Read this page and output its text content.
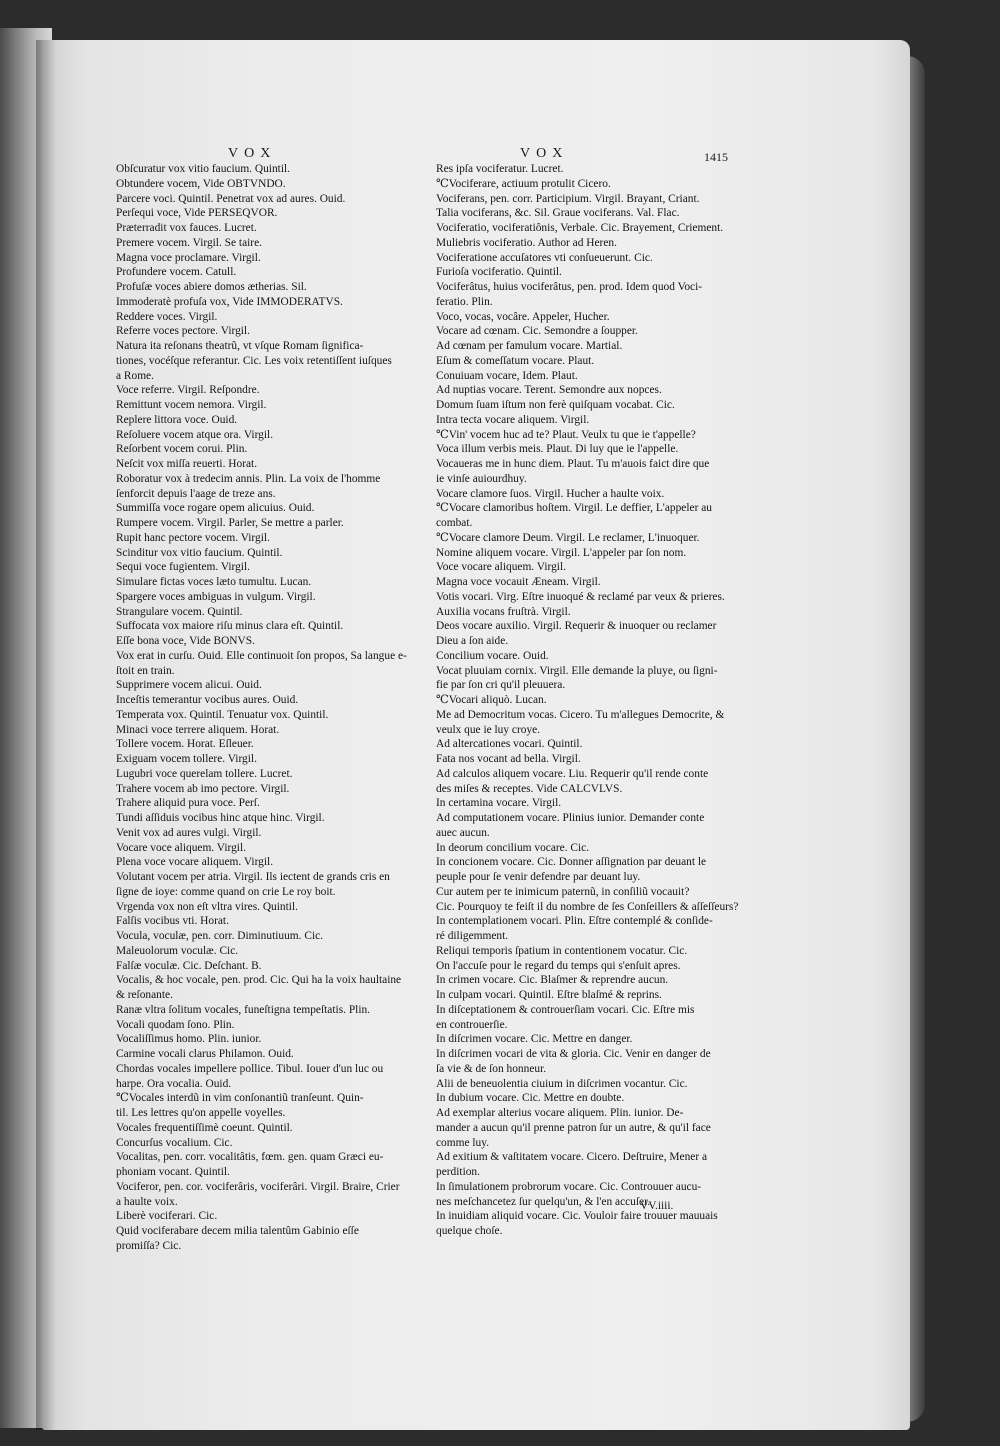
VOX	VOX	1415
Obſcuratur vox vitio faucium. Quintil.
Obtundere vocem, Vide OBTVNDO.
Parcere voci. Quintil. Penetrat vox ad aures. Ouid.
Perſequi voce, Vide PERSEQVOR.
Præterradit vox fauces. Lucret.
Premere vocem. Virgil. Se taire.
Magna voce proclamare. Virgil.
Profundere vocem. Catull.
Profuſæ voces abiere domos ætherias. Sil.
Immoderatè profuſa vox, Vide IMMODERATVS.
Reddere voces. Virgil.
Referre voces pectore. Virgil.
Natura ita reſonans theatrũ, vt vſque Romam ſignifica-
tiones, vocéſque referantur. Cic. Les voix retentiſſent iuſques
a Rome.
Voce referre. Virgil. Reſpondre.
Remittunt vocem nemora. Virgil.
Replere littora voce. Ouid.
Reſoluere vocem atque ora. Virgil.
Reſorbent vocem corui. Plin.
Neſcit vox miſſa reuerti. Horat.
Roboratur vox à tredecim annis. Plin. La voix de l'homme
ſenforcit depuis l'aage de treze ans.
Summiſſa voce rogare opem alicuius. Ouid.
Rumpere vocem. Virgil. Parler, Se mettre a parler.
Rupit hanc pectore vocem. Virgil.
Scinditur vox vitio faucium. Quintil.
Sequi voce fugientem. Virgil.
Simulare fictas voces læto tumultu. Lucan.
Spargere voces ambiguas in vulgum. Virgil.
Strangulare vocem. Quintil.
Suffocata vox maiore riſu minus clara eſt. Quintil.
Eſſe bona voce, Vide BONVS.
Vox erat in curſu. Ouid. Elle continuoit ſon propos, Sa langue e-
ſtoit en train.
Supprimere vocem alicui. Ouid.
Inceſtis temerantur vocibus aures. Ouid.
Temperata vox. Quintil. Tenuatur vox. Quintil.
Minaci voce terrere aliquem. Horat.
Tollere vocem. Horat. Eſleuer.
Exiguam vocem tollere. Virgil.
Lugubri voce querelam tollere. Lucret.
Trahere vocem ab imo pectore. Virgil.
Trahere aliquid pura voce. Perſ.
Tundi aſſiduis vocibus hinc atque hinc. Virgil.
Venit vox ad aures vulgi. Virgil.
Vocare voce aliquem. Virgil.
Plena voce vocare aliquem. Virgil.
Volutant vocem per atria. Virgil. Ils iectent de grands cris en
ſigne de ioye: comme quand on crie Le roy boit.
Vrgenda vox non eſt vltra vires. Quintil.
Falſis vocibus vti. Horat.
Vocula, voculæ, pen. corr. Diminutiuum. Cic.
Maleuolorum voculæ. Cic.
Falſæ voculæ. Cic. Deſchant. B.
Vocalis, & hoc vocale, pen. prod. Cic. Qui ha la voix haultaine
& reſonante.
Ranæ vltra ſolitum vocales, funeſtigna tempeſtatis. Plin.
Vocali quodam ſono. Plin.
Vocaliſſimus homo. Plin. iunior.
Carmine vocali clarus Philamon. Ouid.
Chordas vocales impellere pollice. Tibul. Iouer d'un luc ou
harpe. Ora vocalia. Ouid.
℃Vocales interdũ in vim conſonantiũ tranſeunt. Quin-
til. Les lettres qu'on appelle voyelles.
Vocales frequentiſſimè coeunt. Quintil.
Concurſus vocalium. Cic.
Vocalitas, pen. corr. vocalitâtis, fœm. gen. quam Græci eu-
phoniam vocant. Quintil.
Vociferor, pen. cor. vociferâris, vociferâri. Virgil. Braire, Crier
a haulte voix.
Liberè vociferari. Cic.
Quid vociferabare decem milia talentûm Gabinio eſſe
promiſſa? Cic.
Res ipſa vociferatur. Lucret.
℃Vociferare, actiuum protulit Cicero.
Vociferans, pen. corr. Participium. Virgil. Brayant, Criant.
Talia vociferans, &c. Sil. Graue vociferans. Val. Flac.
Vociferatio, vociferatiônis, Verbale. Cic. Brayement, Criement.
Muliebris vociferatio. Author ad Heren.
Vociferatione accuſatores vti conſueuerunt. Cic.
Furioſa vociferatio. Quintil.
Vociferâtus, huius vociferâtus, pen. prod. Idem quod Voci-
feratio. Plin.
Voco, vocas, vocâre. Appeler, Hucher.
Vocare ad cœnam. Cic. Semondre a ſoupper.
Ad cœnam per famulum vocare. Martial.
Eſum & comeſſatum vocare. Plaut.
Conuiuam vocare, Idem. Plaut.
Ad nuptias vocare. Terent. Semondre aux nopces.
Domum ſuam iſtum non ferè quiſquam vocabat. Cic.
Intra tecta vocare aliquem. Virgil.
℃Vin' vocem huc ad te? Plaut. Veulx tu que ie t'appelle?
Voca illum verbis meis. Plaut. Di luy que ie l'appelle.
Vocaueras me in hunc diem. Plaut. Tu m'auois faict dire que
ie vinſe auiourdhuy.
Vocare clamore ſuos. Virgil. Hucher a haulte voix.
℃Vocare clamoribus hoſtem. Virgil. Le deffier, L'appeler au
combat.
℃Vocare clamore Deum. Virgil. Le reclamer, L'inuoquer.
Nomine aliquem vocare. Virgil. L'appeler par ſon nom.
Voce vocare aliquem. Virgil.
Magna voce vocauit Æneam. Virgil.
Votis vocari. Virg. Eſtre inuoqué & reclamé par veux & prieres.
Auxilia vocans fruſtrà. Virgil.
Deos vocare auxilio. Virgil. Requerir & inuoquer ou reclamer
Dieu a ſon aide.
Concilium vocare. Ouid.
Vocat pluuiam cornix. Virgil. Elle demande la pluye, ou ſigni-
fie par ſon cri qu'il pleuuera.
℃Vocari aliquò. Lucan.
Me ad Democritum vocas. Cicero. Tu m'allegues Democrite, &
veulx que ie luy croye.
Ad altercationes vocari. Quintil.
Fata nos vocant ad bella. Virgil.
Ad calculos aliquem vocare. Liu. Requerir qu'il rende conte
des miſes & receptes. Vide CALCVLVS.
In certamina vocare. Virgil.
Ad computationem vocare. Plinius iunior. Demander conte
auec aucun.
In deorum concilium vocare. Cic.
In concionem vocare. Cic. Donner aſſignation par deuant le
peuple pour ſe venir defendre par deuant luy.
Cur autem per te inimicum paternũ, in conſiliũ vocauit?
Cic. Pourquoy te feiſt il du nombre de ſes Conſeillers & aſſeſſeurs?
In contemplationem vocari. Plin. Eſtre contemplé & conſide-
ré diligemment.
Reliqui temporis ſpatium in contentionem vocatur. Cic.
On l'accuſe pour le regard du temps qui s'enſuit apres.
In crimen vocare. Cic. Blaſmer & reprendre aucun.
In culpam vocari. Quintil. Eſtre blaſmé & reprins.
In diſceptationem & controuerſiam vocari. Cic. Eſtre mis
en controuerſie.
In diſcrimen vocare. Cic. Mettre en danger.
In diſcrimen vocari de vita & gloria. Cic. Venir en danger de
ſa vie & de ſon honneur.
Alii de beneuolentia ciuium in diſcrimen vocantur. Cic.
In dubium vocare. Cic. Mettre en doubte.
Ad exemplar alterius vocare aliquem. Plin. iunior. De-
mander a aucun qu'il prenne patron ſur un autre, & qu'il face
comme luy.
Ad exitium & vaſtitatem vocare. Cicero. Deſtruire, Mener a
perdition.
In ſimulationem probrorum vocare. Cic. Controuuer aucu-
nes meſchancetez ſur quelqu'un, & l'en accuſer.
In inuidiam aliquid vocare. Cic. Vouloir faire trouuer mauuais
quelque choſe.
VV.iiii.
